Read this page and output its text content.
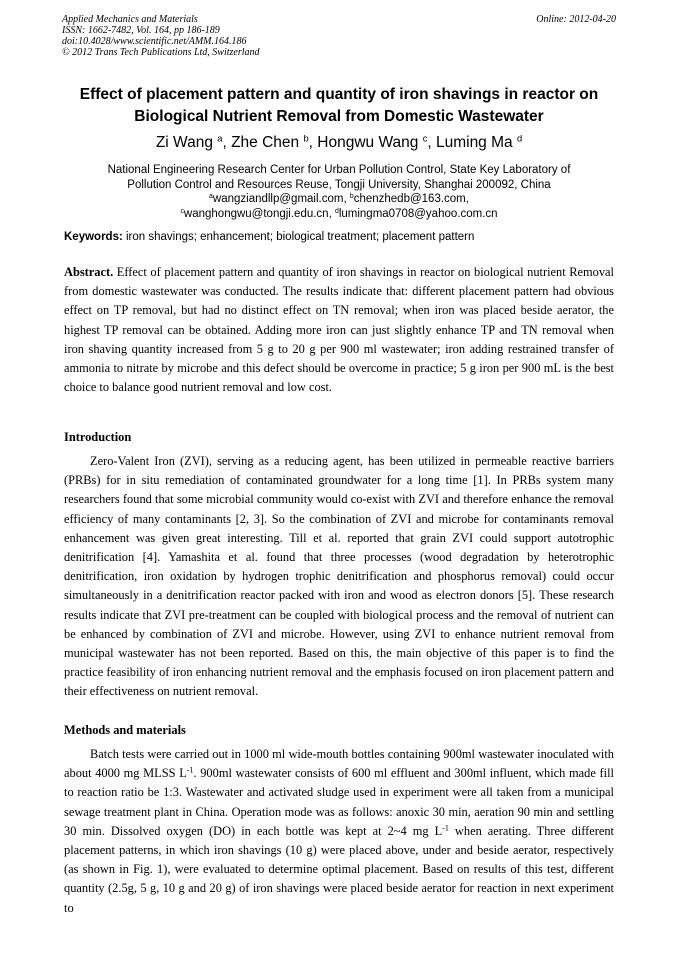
Applied Mechanics and Materials
ISSN: 1662-7482, Vol. 164, pp 186-189
doi:10.4028/www.scientific.net/AMM.164.186
© 2012 Trans Tech Publications Ltd, Switzerland
Online: 2012-04-20
Effect of placement pattern and quantity of iron shavings in reactor on
Biological Nutrient Removal from Domestic Wastewater
Zi Wang $^a$, Zhe Chen $^b$, Hongwu Wang $^c$, Luming Ma $^d$
National Engineering Research Center for Urban Pollution Control, State Key Laboratory of
Pollution Control and Resources Reuse, Tongji University, Shanghai 200092, China
$^a$wangziandllp@gmail.com, $^b$chenzhedb@163.com,
$^c$wanghongwu@tongji.edu.cn, $^d$lumingma0708@yahoo.com.cn
Keywords: iron shavings; enhancement; biological treatment; placement pattern
Abstract. Effect of placement pattern and quantity of iron shavings in reactor on biological nutrient Removal from domestic wastewater was conducted. The results indicate that: different placement pattern had obvious effect on TP removal, but had no distinct effect on TN removal; when iron was placed beside aerator, the highest TP removal can be obtained. Adding more iron can just slightly enhance TP and TN removal when iron shaving quantity increased from 5 g to 20 g per 900 ml wastewater; iron adding restrained transfer of ammonia to nitrate by microbe and this defect should be overcome in practice; 5 g iron per 900 mL is the best choice to balance good nutrient removal and low cost.
Introduction
Zero-Valent Iron (ZVI), serving as a reducing agent, has been utilized in permeable reactive barriers (PRBs) for in situ remediation of contaminated groundwater for a long time [1]. In PRBs system many researchers found that some microbial community would co-exist with ZVI and therefore enhance the removal efficiency of many contaminants [2, 3]. So the combination of ZVI and microbe for contaminants removal enhancement was given great interesting. Till et al. reported that grain ZVI could support autotrophic denitrification [4]. Yamashita et al. found that three processes (wood degradation by heterotrophic denitrification, iron oxidation by hydrogen trophic denitrification and phosphorus removal) could occur simultaneously in a denitrification reactor packed with iron and wood as electron donors [5]. These research results indicate that ZVI pre-treatment can be coupled with biological process and the removal of nutrient can be enhanced by combination of ZVI and microbe. However, using ZVI to enhance nutrient removal from municipal wastewater has not been reported. Based on this, the main objective of this paper is to find the practice feasibility of iron enhancing nutrient removal and the emphasis focused on iron placement pattern and their effectiveness on nutrient removal.
Methods and materials
Batch tests were carried out in 1000 ml wide-mouth bottles containing 900ml wastewater inoculated with about 4000 mg MLSS $L^{-1}$. 900ml wastewater consists of 600 ml effluent and 300ml influent, which made fill to reaction ratio be 1:3. Wastewater and activated sludge used in experiment were all taken from a municipal sewage treatment plant in China. Operation mode was as follows: anoxic 30 min, aeration 90 min and settling 30 min. Dissolved oxygen (DO) in each bottle was kept at 2~4 mg $L^{-1}$ when aerating. Three different placement patterns, in which iron shavings (10 g) were placed above, under and beside aerator, respectively (as shown in Fig. 1), were evaluated to determine optimal placement. Based on results of this test, different quantity (2.5g, 5 g, 10 g and 20 g) of iron shavings were placed beside aerator for reaction in next experiment to
